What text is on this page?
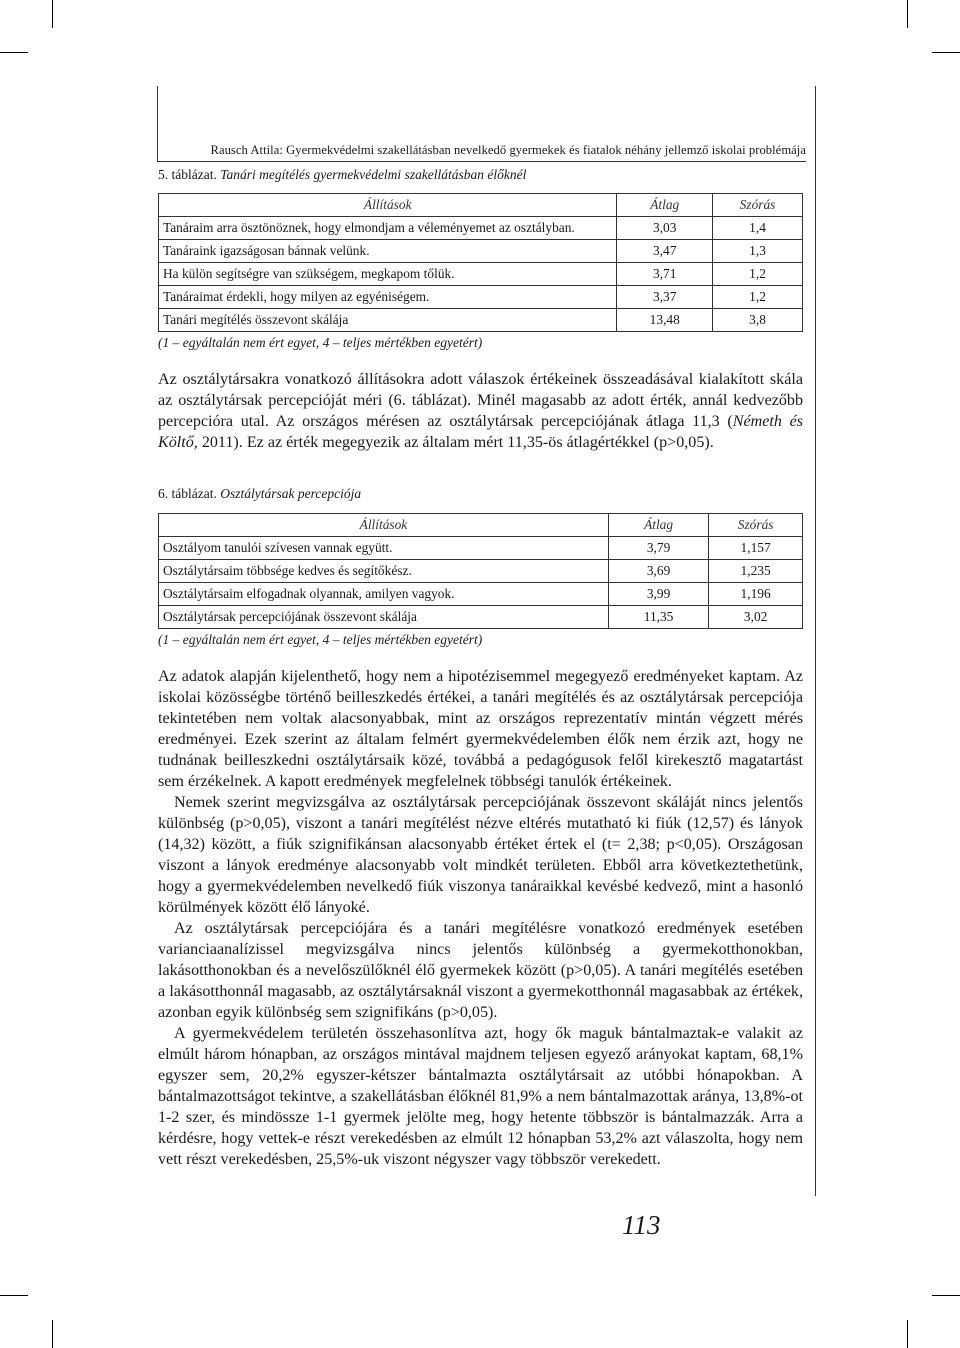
Rausch Attila: Gyermekvédelmi szakellátásban nevelkedő gyermekek és fiatalok néhány jellemző iskolai problémája
5. táblázat. Tanári megítélés gyermekvédelmi szakellátásban élőknél
Állítások	Átlag	Szórás
Tanáraim arra ösztönöznek, hogy elmondjam a véleményemet az osztályban.	3,03	1,4
Tanáraink igazságosan bánnak velünk.	3,47	1,3
Ha külön segítségre van szükségem, megkapom tőlük.	3,71	1,2
Tanáraimat érdekli, hogy milyen az egyéniségem.	3,37	1,2
Tanári megítélés összevont skálája	13,48	3,8
(1 – egyáltalán nem ért egyet, 4 – teljes mértékben egyetért)

Az osztálytársakra vonatkozó állításokra adott válaszok értékeinek összeadásával kialakított skála az osztálytársak percepcióját méri (6. táblázat). Minél magasabb az adott érték, annál kedvezőbb percepcióra utal. Az országos mérésen az osztálytársak percepciójának átlaga 11,3 (Németh és Költő, 2011). Ez az érték megegyezik az általam mért 11,35-ös átlagértékkel (p>0,05).

6. táblázat. Osztálytársak percepciója
Állítások	Átlag	Szórás
Osztályom tanulói szívesen vannak együtt.	3,79	1,157
Osztálytársaim többsége kedves és segítőkész.	3,69	1,235
Osztálytársaim elfogadnak olyannak, amilyen vagyok.	3,99	1,196
Osztálytársak percepciójának összevont skálája	11,35	3,02
(1 – egyáltalán nem ért egyet, 4 – teljes mértékben egyetért)

Az adatok alapján kijelenthető, hogy nem a hipotézisemmel megegyező eredményeket kaptam. Az iskolai közösségbe történő beilleszkedés értékei, a tanári megítélés és az osztálytársak percepciója tekintetében nem voltak alacsonyabbak, mint az országos reprezentatív mintán végzett mérés eredményei. Ezek szerint az általam felmért gyermekvédelemben élők nem érzik azt, hogy ne tudnának beilleszkedni osztálytársaik közé, továbbá a pedagógusok felől kirekesztő magatartást sem érzékelnek. A kapott eredmények megfelelnek többségi tanulók értékeinek.

Nemek szerint megvizsgálva az osztálytársak percepciójának összevont skáláját nincs jelentős különbség (p>0,05), viszont a tanári megítélést nézve eltérés mutatható ki fiúk (12,57) és lányok (14,32) között, a fiúk szignifikánsan alacsonyabb értéket értek el (t= 2,38; p<0,05). Országosan viszont a lányok eredménye alacsonyabb volt mindkét területen. Ebből arra következtethetünk, hogy a gyermekvédelemben nevelkedő fiúk viszonya tanáraikkal kevésbé kedvező, mint a hasonló körülmények között élő lányoké.

Az osztálytársak percepciójára és a tanári megítélésre vonatkozó eredmények esetében varianciaanalízissel megvizsgálva nincs jelentős különbség a gyermekotthonokban, lakásotthonokban és a nevelőszülőknél élő gyermekek között (p>0,05). A tanári megítélés esetében a lakásotthonnál magasabb, az osztálytársaknál viszont a gyermekotthonnál magasabbak az értékek, azonban egyik különbség sem szignifikáns (p>0,05).

A gyermekvédelem területén összehasonlítva azt, hogy ők maguk bántalmaztak-e valakit az elmúlt három hónapban, az országos mintával majdnem teljesen egyező arányokat kaptam, 68,1% egyszer sem, 20,2% egyszer-kétszer bántalmazta osztálytársait az utóbbi hónapokban. A bántalmazottságot tekintve, a szakellátásban élőknél 81,9% a nem bántalmazottak aránya, 13,8%-ot 1-2 szer, és mindössze 1-1 gyermek jelölte meg, hogy hetente többször is bántalmazzák. Arra a kérdésre, hogy vettek-e részt verekedésben az elmúlt 12 hónapban 53,2% azt válaszolta, hogy nem vett részt verekedésben, 25,5%-uk viszont négyszer vagy többször verekedett.

113
